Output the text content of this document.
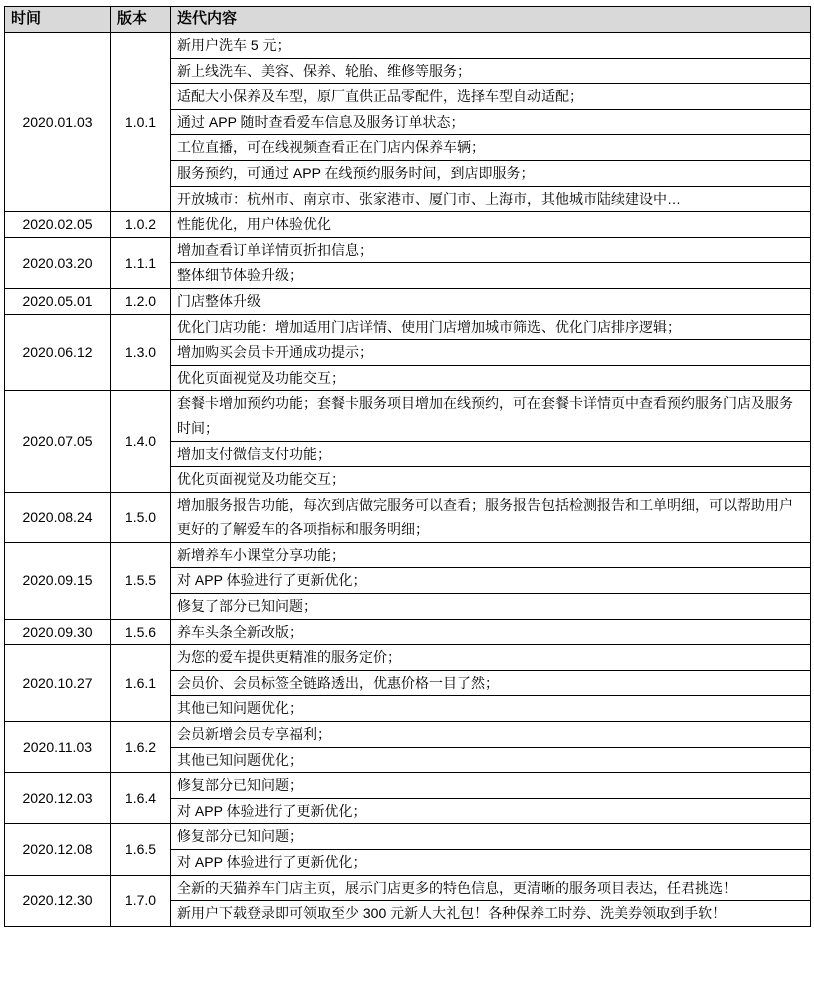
时间	版本	迭代内容
2020.01.03	1.0.1	新用户洗车 5 元；
		新上线洗车、美容、保养、轮胎、维修等服务；
		适配大小保养及车型，原厂直供正品零配件，选择车型自动适配；
		通过 APP 随时查看爱车信息及服务订单状态；
		工位直播，可在线视频查看正在门店内保养车辆；
		服务预约，可通过 APP 在线预约服务时间，到店即服务；
		开放城市：杭州市、南京市、张家港市、厦门市、上海市，其他城市陆续建设中…
2020.02.05	1.0.2	性能优化，用户体验优化
2020.03.20	1.1.1	增加查看订单详情页折扣信息；
		整体细节体验升级；
2020.05.01	1.2.0	门店整体升级
2020.06.12	1.3.0	优化门店功能：增加适用门店详情、使用门店增加城市筛选、优化门店排序逻辑；
		增加购买会员卡开通成功提示；
		优化页面视觉及功能交互；
2020.07.05	1.4.0	套餐卡增加预约功能；套餐卡服务项目增加在线预约，可在套餐卡详情页中查看预约服务门店及服务时间；
		增加支付微信支付功能；
		优化页面视觉及功能交互；
2020.08.24	1.5.0	增加服务报告功能，每次到店做完服务可以查看；服务报告包括检测报告和工单明细，可以帮助用户更好的了解爱车的各项指标和服务明细；
2020.09.15	1.5.5	新增养车小课堂分享功能；
		对 APP 体验进行了更新优化；
		修复了部分已知问题；
2020.09.30	1.5.6	养车头条全新改版；
2020.10.27	1.6.1	为您的爱车提供更精准的服务定价；
		会员价、会员标签全链路透出，优惠价格一目了然；
		其他已知问题优化；
2020.11.03	1.6.2	会员新增会员专享福利；
		其他已知问题优化；
2020.12.03	1.6.4	修复部分已知问题；
		对 APP 体验进行了更新优化；
2020.12.08	1.6.5	修复部分已知问题；
		对 APP 体验进行了更新优化；
2020.12.30	1.7.0	全新的天猫养车门店主页，展示门店更多的特色信息，更清晰的服务项目表达，任君挑选！
		新用户下载登录即可领取至少 300 元新人大礼包！各种保养工时券、洗美券领取到手软！
